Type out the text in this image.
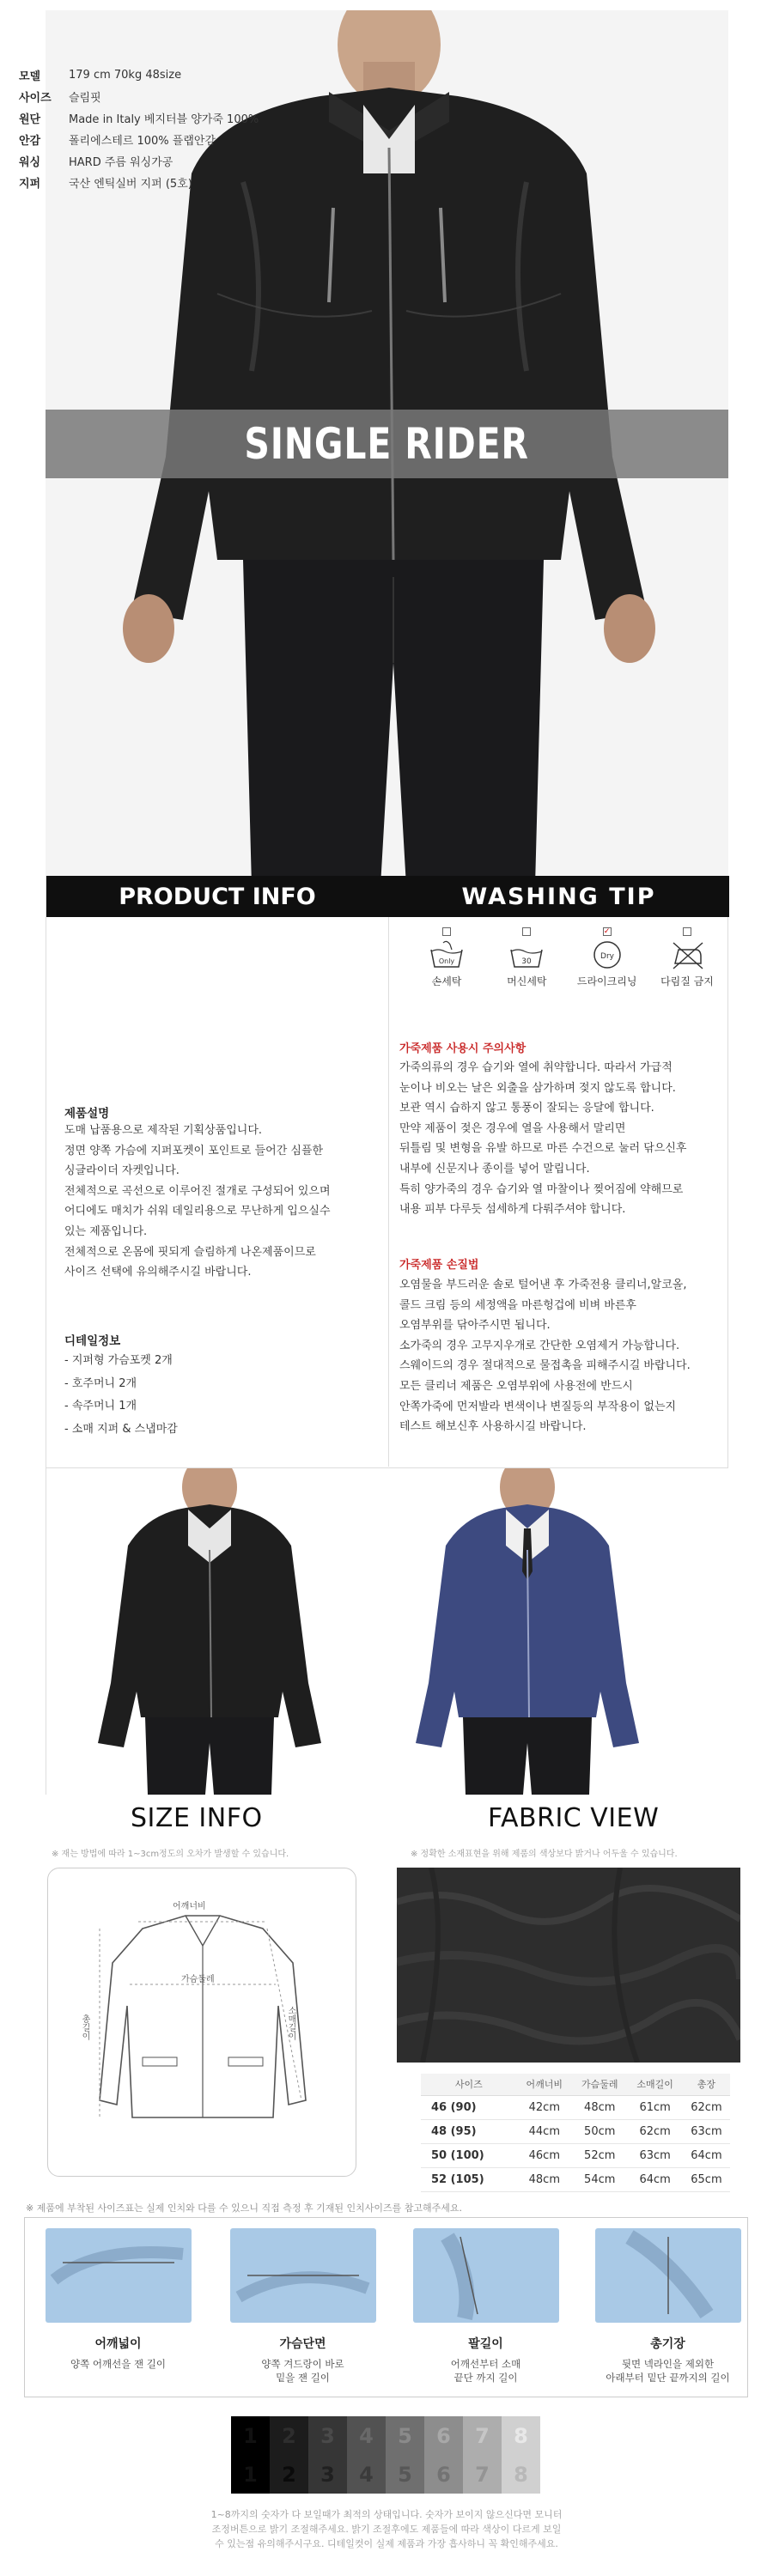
SINGLE RIDER
PRODUCT INFO	WASHING TIP
모델	179 cm 70kg 48size
사이즈	슬림핏
원단	Made in Italy 베지터블 양가죽 100%
안감	폴리에스테르 100% 플랩안감
워싱	HARD 주름 워싱가공
지퍼	국산 엔틱실버 지퍼 (5호)
제품설명
도매 납품용으로 제작된 기획상품입니다.
정면 양쪽 가슴에 지퍼포켓이 포인트로 들어간 심플한
싱글라이더 자켓입니다.
전체적으로 곡선으로 이루어진 절개로 구성되어 있으며
어디에도 매치가 쉬워 데일리용으로 무난하게 입으실수
있는 제품입니다.
전체적으로 온몸에 핏되게 슬림하게 나온제품이므로
사이즈 선택에 유의해주시길 바랍니다.
디테일정보
- 지퍼형 가슴포켓 2개
- 호주머니 2개
- 속주머니 1개
- 소매 지퍼 & 스냅마감
Only
손세탁
30
머신세탁
✓
Dry
드라이크리닝	다림질 금지
가죽제품 사용시 주의사항
가죽의류의 경우 습기와 열에 취약합니다. 따라서 가급적
눈이나 비오는 날은 외출을 삼가하며 젖지 않도록 합니다.
보관 역시 습하지 않고 통풍이 잘되는 응달에 합니다.
만약 제품이 젖은 경우에 열을 사용해서 말리면
뒤틀림 및 변형을 유발 하므로 마른 수건으로 눌러 닦으신후
내부에 신문지나 종이를 넣어 말립니다.
특히 양가죽의 경우 습기와 열 마찰이나 찢어짐에 약해므로
내용 피부 다루듯 섬세하게 다뤄주셔야 합니다.
가죽제품 손질법
오염물을 부드러운 솔로 털어낸 후 가죽전용 클리너,알코올,
콜드 크림 등의 세정액을 마른헝겁에 비벼 바른후
오염부위를 닦아주시면 됩니다.
소가죽의 경우 고무지우개로 간단한 오염제거 가능합니다.
스웨이드의 경우 절대적으로 물접촉을 피해주시길 바랍니다.
모든 클리너 제품은 오염부위에 사용전에 반드시
안쪽가죽에 먼저발라 변색이나 변질등의 부작용이 없는지
테스트 해보신후 사용하시길 바랍니다.
SIZE INFO
※ 재는 방법에 따라 1~3cm정도의 오차가 발생할 수 있습니다.
FABRIC VIEW
※ 정확한 소재표현을 위해 제품의 색상보다 밝거나 어두울 수 있습니다.
어깨너비
가슴둘레
총길이	소매길이
사이즈	어깨너비	가슴둘레	소매길이	총장
46 (90)	42cm	48cm	61cm	62cm
48 (95)	44cm	50cm	62cm	63cm
50 (100)	46cm	52cm	63cm	64cm
52 (105)	48cm	54cm	64cm	65cm
※ 제품에 부착된 사이즈표는 실제 인치와 다를 수 있으니 직접 측정 후 기재된 인치사이즈를 참고해주세요.
어깨넓이
양쪽 어깨선을 잰 길이
가슴단면
양쪽 겨드랑이 바로
밑을 잰 길이
팔길이
어깨선부터 소매
끝단 까지 길이
총기장
뒷면 넥라인을 제외한
아래부터 밑단 끝까지의 길이
1
1
2
2
3
3
4
4
5
5
6
6
7
7
8
8
1~8까지의 숫자가 다 보일때가 최적의 상태입니다. 숫자가 보이지 않으신다면 모니터
조정버튼으로 밝기 조절해주세요. 밝기 조절후에도 제품들에 따라 색상이 다르게 보일
수 있는점 유의해주시구요. 디테일컷이 실제 제품과 가장 흡사하니 꼭 확인해주세요.
